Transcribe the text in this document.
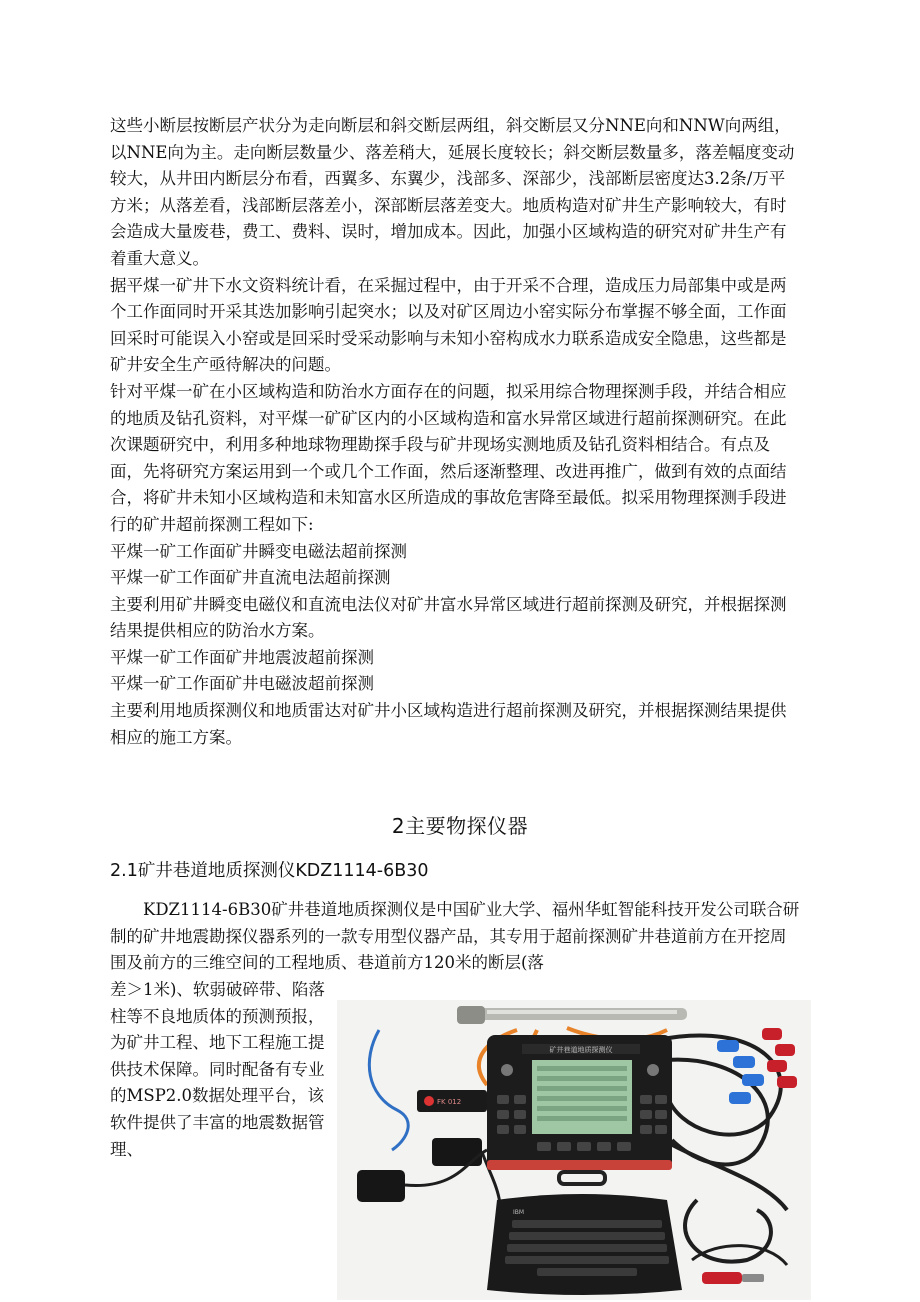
这些小断层按断层产状分为走向断层和斜交断层两组，斜交断层又分NNE向和NNW向两组，以NNE向为主。走向断层数量少、落差稍大，延展长度较长；斜交断层数量多，落差幅度变动较大，从井田内断层分布看，西翼多、东翼少，浅部多、深部少，浅部断层密度达3.2条/万平方米；从落差看，浅部断层落差小，深部断层落差变大。地质构造对矿井生产影响较大，有时会造成大量废巷，费工、费料、误时，增加成本。因此，加强小区域构造的研究对矿井生产有着重大意义。

据平煤一矿井下水文资料统计看，在采掘过程中，由于开采不合理，造成压力局部集中或是两个工作面同时开采其迭加影响引起突水；以及对矿区周边小窑实际分布掌握不够全面，工作面回采时可能误入小窑或是回采时受采动影响与未知小窑构成水力联系造成安全隐患，这些都是矿井安全生产亟待解决的问题。

针对平煤一矿在小区域构造和防治水方面存在的问题，拟采用综合物理探测手段，并结合相应的地质及钻孔资料，对平煤一矿矿区内的小区域构造和富水异常区域进行超前探测研究。在此次课题研究中，利用多种地球物理勘探手段与矿井现场实测地质及钻孔资料相结合。有点及面，先将研究方案运用到一个或几个工作面，然后逐渐整理、改进再推广，做到有效的点面结合，将矿井未知小区域构造和未知富水区所造成的事故危害降至最低。拟采用物理探测手段进行的矿井超前探测工程如下:

平煤一矿工作面矿井瞬变电磁法超前探测

平煤一矿工作面矿井直流电法超前探测

主要利用矿井瞬变电磁仪和直流电法仪对矿井富水异常区域进行超前探测及研究，并根据探测结果提供相应的防治水方案。

平煤一矿工作面矿井地震波超前探测

平煤一矿工作面矿井电磁波超前探测

主要利用地质探测仪和地质雷达对矿井小区域构造进行超前探测及研究，并根据探测结果提供相应的施工方案。

2主要物探仪器
2.1矿井巷道地质探测仪KDZ1114-6B30

KDZ1114-6B30矿井巷道地质探测仪是中国矿业大学、福州华虹智能科技开发公司联合研制的矿井地震勘探仪器系列的一款专用型仪器产品，其专用于超前探测矿井巷道前方在开挖周围及前方的三维空间的工程地质、巷道前方120米的断层(落

差＞1米)、软弱破碎带、陷落柱等不良地质体的预测预报，为矿井工程、地下工程施工提供技术保障。同时配备有专业的MSP2.0数据处理平台，该软件提供了丰富的地震数据管理、

FK 012
矿井巷道地质探测仪
IBM
